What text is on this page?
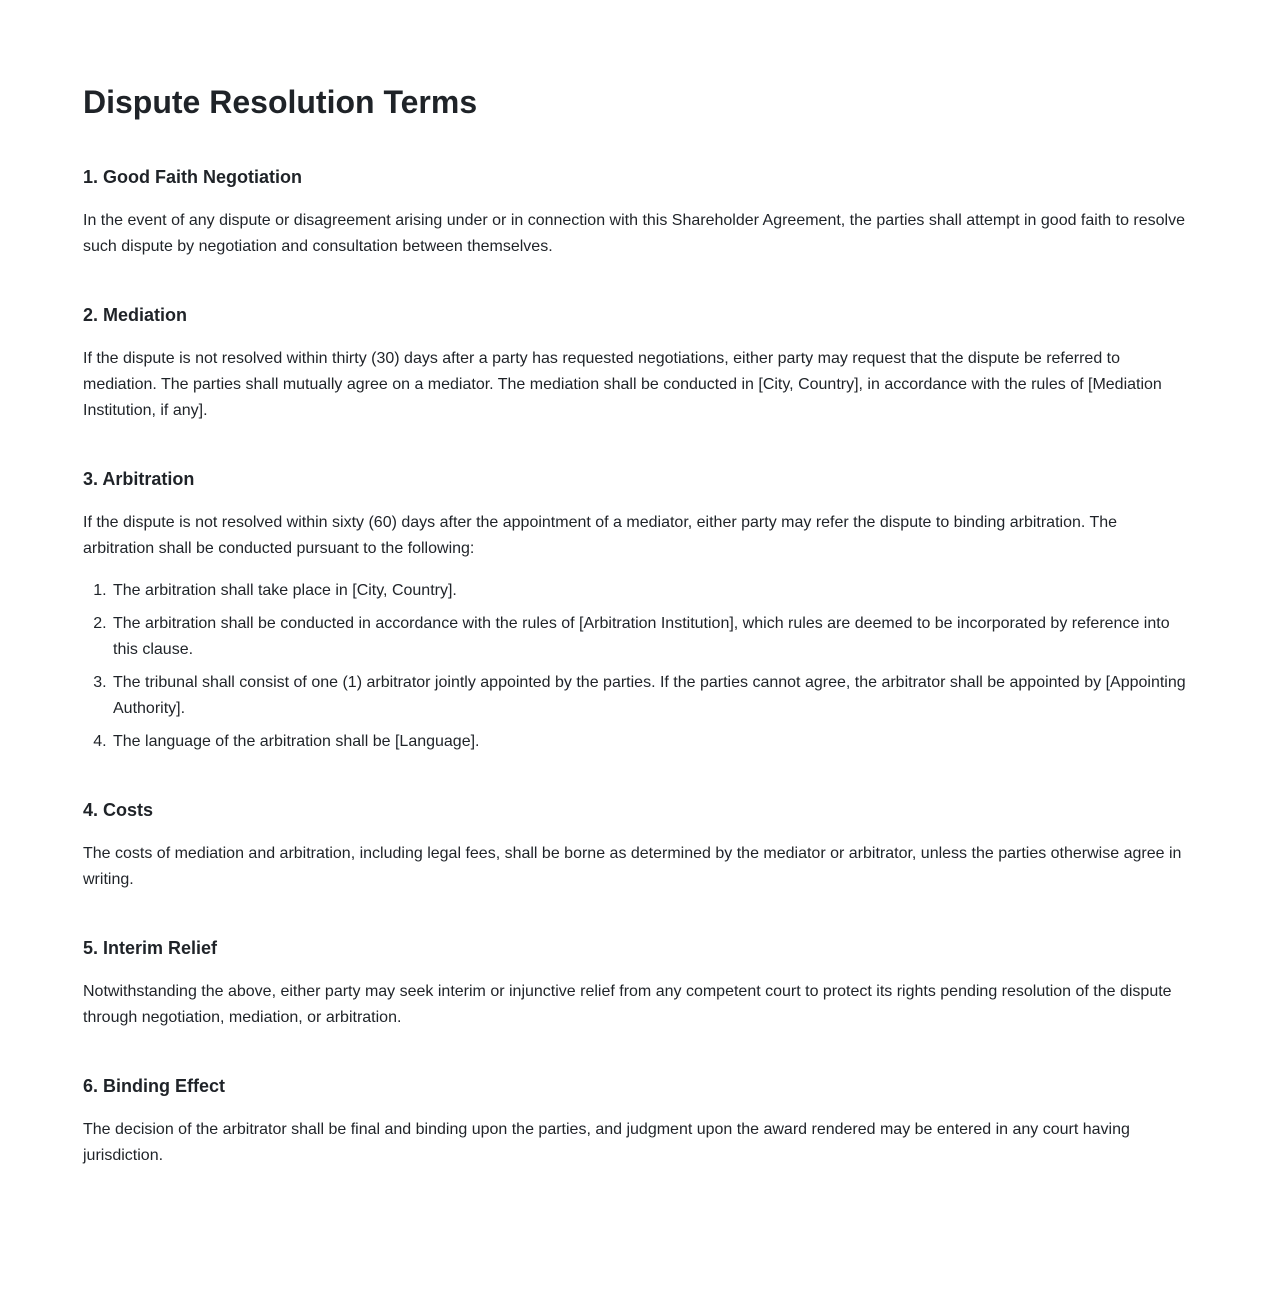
Dispute Resolution Terms
1. Good Faith Negotiation

In the event of any dispute or disagreement arising under or in connection with this Shareholder Agreement, the parties shall attempt in good faith to resolve such dispute by negotiation and consultation between themselves.

2. Mediation

If the dispute is not resolved within thirty (30) days after a party has requested negotiations, either party may request that the dispute be referred to mediation. The parties shall mutually agree on a mediator. The mediation shall be conducted in [City, Country], in accordance with the rules of [Mediation Institution, if any].

3. Arbitration

If the dispute is not resolved within sixty (60) days after the appointment of a mediator, either party may refer the dispute to binding arbitration. The arbitration shall be conducted pursuant to the following:

1. The arbitration shall take place in [City, Country].
2. The arbitration shall be conducted in accordance with the rules of [Arbitration Institution], which rules are deemed to be incorporated by reference into this clause.
3. The tribunal shall consist of one (1) arbitrator jointly appointed by the parties. If the parties cannot agree, the arbitrator shall be appointed by [Appointing Authority].
4. The language of the arbitration shall be [Language].
4. Costs

The costs of mediation and arbitration, including legal fees, shall be borne as determined by the mediator or arbitrator, unless the parties otherwise agree in writing.

5. Interim Relief

Notwithstanding the above, either party may seek interim or injunctive relief from any competent court to protect its rights pending resolution of the dispute through negotiation, mediation, or arbitration.

6. Binding Effect

The decision of the arbitrator shall be final and binding upon the parties, and judgment upon the award rendered may be entered in any court having jurisdiction.
